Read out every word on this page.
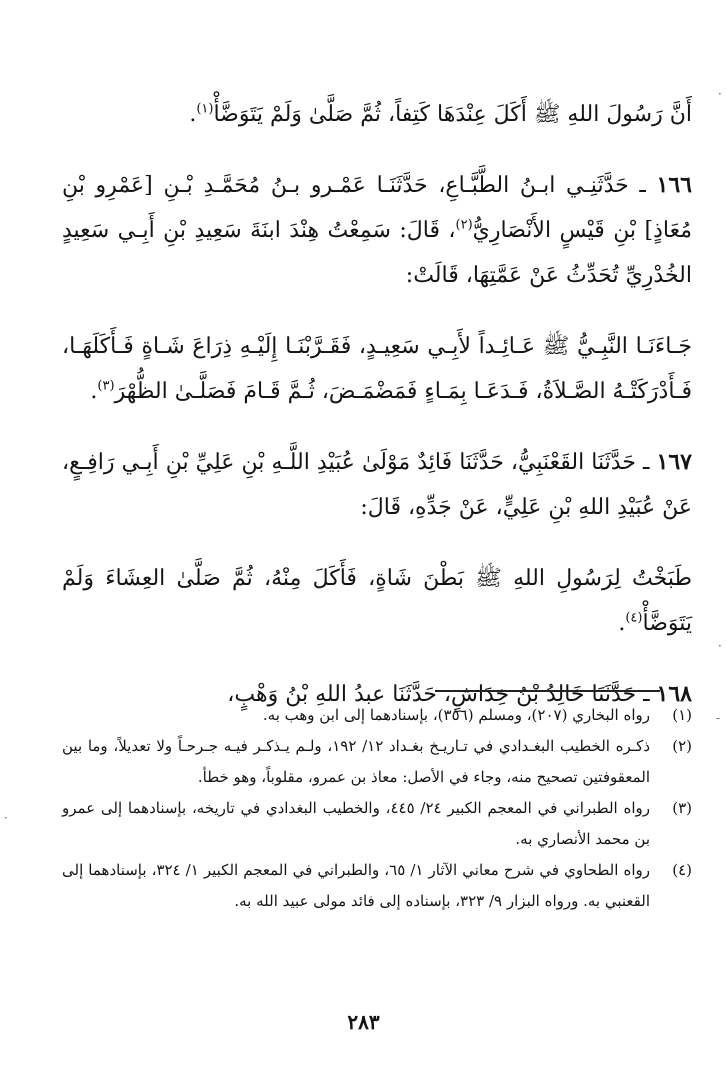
أَنَّ رَسُولَ اللهِ ﷺ أَكَلَ عِنْدَهَا كَتِفاً، ثُمَّ صَلَّىٰ وَلَمْ يَتَوَضَّأْ$^{(١)}$.

١٦٦ ـ حَدَّثَنِـي ابـنُ الطَّبَّـاعِ، حَدَّثَنَـا عَمْـرو بـنُ مُحَمَّـدِ بْـنِ [عَمْرِو بْنِ مُعَاذٍ] بْنِ قَيْسٍ الأَنْصَارِيُّ$^{(٢)}$، قَالَ: سَمِعْتُ هِنْدَ ابنَةَ سَعِيدِ بْنِ أَبِـي سَعِيدٍ الخُدْرِيِّ تُحَدِّثُ عَنْ عَمَّتِهَا، قَالَتْ:

جَـاءَنَـا النَّبِـيُّ ﷺ عَـائِـداً لأَبِـي سَعِيـدٍ، فَقَـرَّبْنَـا إِلَيْـهِ ذِرَاعَ شَـاةٍ فَـأَكَلَهَـا، فَـأَدْرَكَتْـهُ الصَّـلاَةُ، فَـدَعَـا بِمَـاءٍ فَمَضْمَـضَ، ثُـمَّ قَـامَ فَصَلَّـىٰ الظُّهْرَ$^{(٣)}$.

١٦٧ ـ حَدَّثَنَا القَعْنَبِيُّ، حَدَّثَنَا فَائِدٌ مَوْلَىٰ عُبَيْدِ اللَّـهِ بْنِ عَلِيِّ بْنِ أَبِـي رَافِـعٍ، عَنْ عُبَيْدِ اللهِ بْنِ عَلِيٍّ، عَنْ جَدِّهِ، قَالَ:

طَبَخْتُ لِرَسُولِ اللهِ ﷺ بَطْنَ شَاةٍ، فَأَكَلَ مِنْهُ، ثُمَّ صَلَّىٰ العِشَاءَ وَلَمْ يَتَوَضَّأْ$^{(٤)}$.

١٦٨ ـ حَدَّثَنَا خَالِدُ بْنُ خِدَاشٍ، حَدَّثَنَا عبدُ اللهِ بْنُ وَهْبٍ،

(١)
رواه البخاري (٢٠٧)، ومسلم (٣٥٦)، بإسنادهما إلى ابن وهب به.
(٢)
ذكـره الخطيب البغـدادي في تـاريـخ بغـداد ١٢/ ١٩٢، ولـم يـذكـر فيـه جـرحـاً ولا تعديلاً، وما بين المعقوفتين تصحيح منه، وجاء في الأصل: معاذ بن عمرو، مقلوباً، وهو خطأ.
(٣)
رواه الطبراني في المعجم الكبير ٢٤/ ٤٤٥، والخطيب البغدادي في تاريخه، بإسنادهما إلى عمرو بن محمد الأنصاري به.
(٤)
رواه الطحاوي في شرح معاني الآثار ١/ ٦٥، والطبراني في المعجم الكبير ١/ ٣٢٤، بإسنادهما إلى القعنبي به. ورواه البزار ٩/ ٣٢٣، بإسناده إلى فائد مولى عبيد الله به.
٢٨٣
·
·
-
·
